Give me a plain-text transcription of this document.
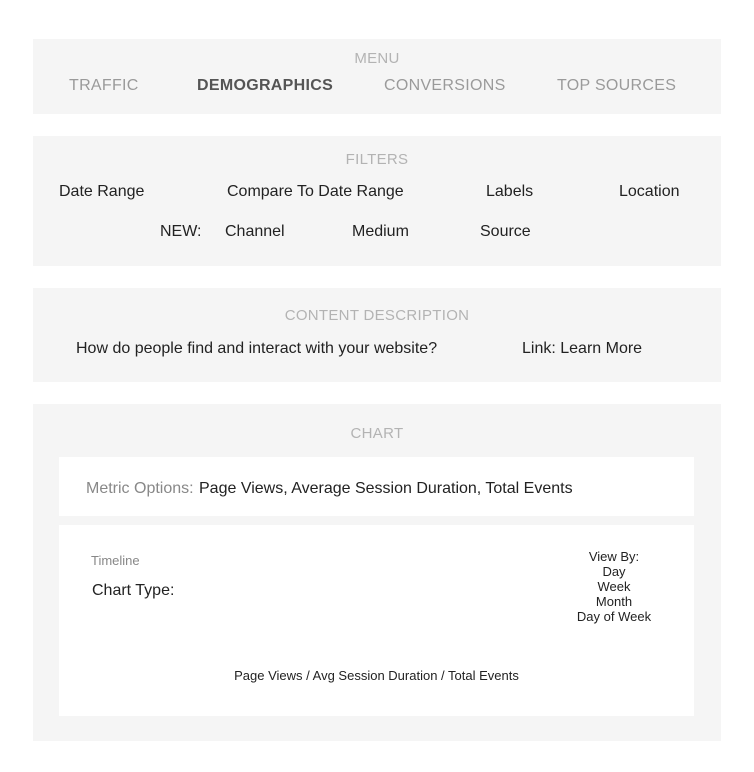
MENU
TRAFFIC	DEMOGRAPHICS	CONVERSIONS	TOP SOURCES
FILTERS
Date Range	Compare To Date Range	Labels	Location
NEW: Channel	Medium	Source
CONTENT DESCRIPTION
How do people find and interact with your website?	Link: Learn More
CHART
Metric Options: Page Views, Average Session Duration, Total Events
Timeline
Chart Type:
View By:
Day
Week
Month
Day of Week
Page Views / Avg Session Duration / Total Events
